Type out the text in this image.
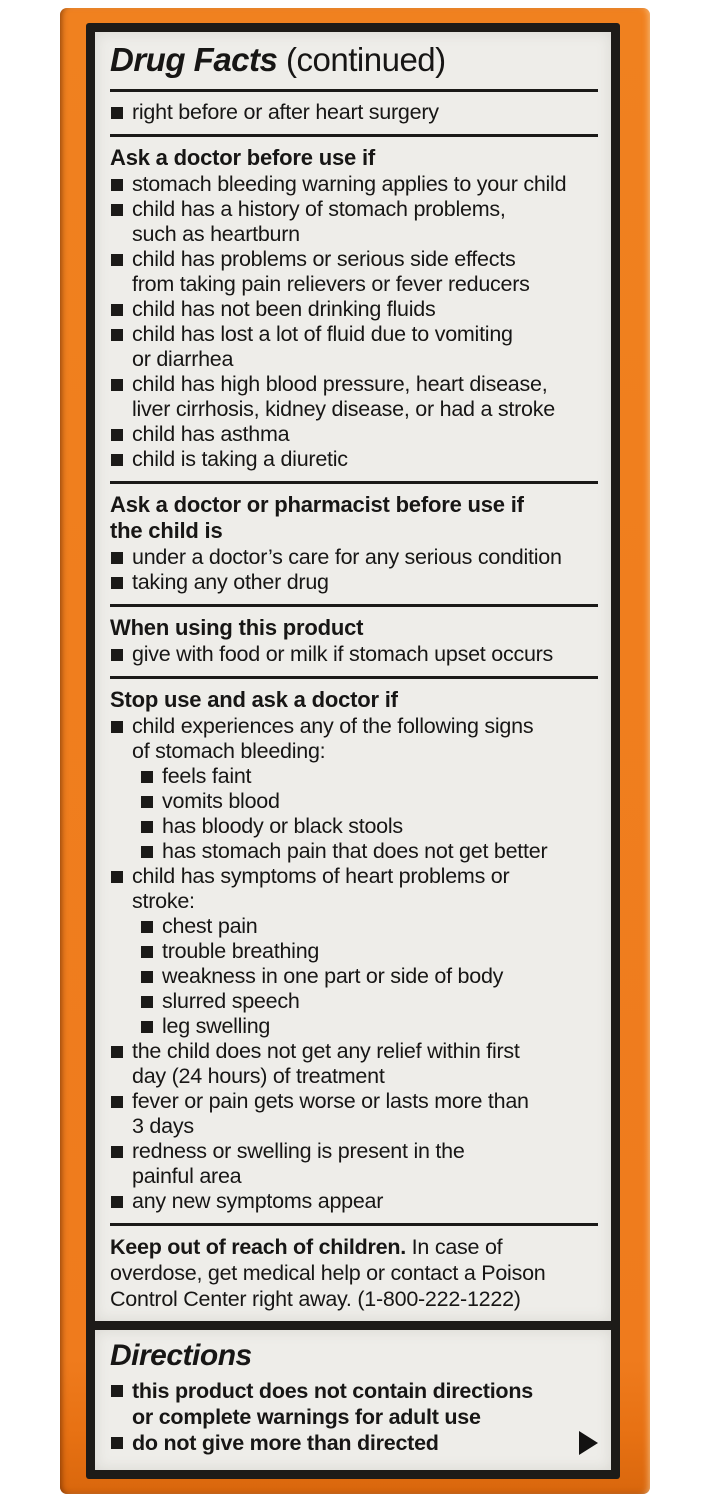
Drug Facts (continued)
right before or after heart surgery
Ask a doctor before use if
stomach bleeding warning applies to your child
child has a history of stomach problems,
such as heartburn
child has problems or serious side effects
from taking pain relievers or fever reducers
child has not been drinking fluids
child has lost a lot of fluid due to vomiting
or diarrhea
child has high blood pressure, heart disease,
liver cirrhosis, kidney disease, or had a stroke
child has asthma
child is taking a diuretic
Ask a doctor or pharmacist before use if
the child is
under a doctor’s care for any serious condition
taking any other drug
When using this product
give with food or milk if stomach upset occurs
Stop use and ask a doctor if
child experiences any of the following signs
of stomach bleeding:
feels faint
vomits blood
has bloody or black stools
has stomach pain that does not get better
child has symptoms of heart problems or
stroke:
chest pain
trouble breathing
weakness in one part or side of body
slurred speech
leg swelling
the child does not get any relief within first
day (24 hours) of treatment
fever or pain gets worse or lasts more than
3 days
redness or swelling is present in the
painful area
any new symptoms appear
Keep out of reach of children. In case of
overdose, get medical help or contact a Poison
Control Center right away. (1-800-222-1222)
Directions
this product does not contain directions
or complete warnings for adult use
do not give more than directed
